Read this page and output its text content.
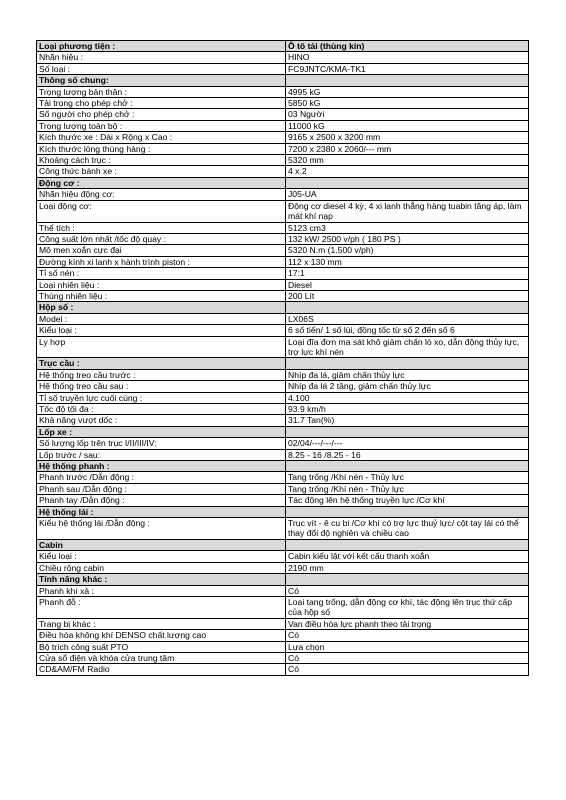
Loại phương tiện :	Ô tô tải (thùng kín)
Nhãn hiệu :	HINO
Số loại :	FC9JNTC/KMA-TK1
Thông số chung:	
Trọng lượng bản thân :	4995 kG
Tải trọng cho phép chở :	5850 kG
Số người cho phép chở :	03 Người
Trọng lượng toàn bộ :	11000 kG
Kích thước xe : Dài x Rộng x Cao :	9165 x 2500 x 3200 mm
Kích thước lòng thùng hàng :	7200 x 2380 x 2060/--- mm
Khoảng cách trục :	5320 mm
Công thức bánh xe :	4 x 2
Động cơ :	
Nhãn hiệu động cơ:	J05-UA
Loại động cơ:	Động cơ diesel 4 kỳ, 4 xi lanh thẳng hàng tuabin tăng áp, làm mát khí nạp
Thể tích :	5123 cm3
Công suất lớn nhất /tốc độ quay :	132 kW/ 2500 v/ph ( 180 PS )
Mô men xoắn cực đại	5320 N.m (1.500 v/ph)
Đường kính xi lanh x hành trình piston :	112 x 130 mm
Tỉ số nén :	17:1
Loại nhiên liệu :	Diesel
Thùng nhiên liệu :	200 Lít
Hộp số :	
Model :	LX06S
Kiểu loại :	6 số tiến/ 1 số lùi, đồng tốc từ số 2 đến số 6
Ly hợp	Loại đĩa đơn ma sát khô giảm chấn lò xo, dẫn động thủy lực, trợ lực khí nén
Trục cầu :	
Hệ thống treo cầu trước :	Nhíp đa lá, giảm chấn thủy lực
Hệ thống treo cầu sau :	Nhíp đa lá 2 tầng, giảm chấn thủy lực
Tỉ số truyền lực cuối cùng :	4.100
Tốc độ tối đa :	93.9 km/h
Khả năng vượt dốc :	31.7 Tan(%)
Lốp xe :	
Số lượng lốp trên trục I/II/III/IV:	02/04/---/---/---
Lốp trước / sau:	8.25 - 16 /8.25 - 16
Hệ thống phanh :	
Phanh trước /Dẫn động :	Tang trống /Khí nén - Thủy lực
Phanh sau /Dẫn động :	Tang trống /Khí nén - Thủy lực
Phanh tay /Dẫn động :	Tác động lên hệ thống truyền lực /Cơ khí
Hệ thống lái :	
Kiểu hệ thống lái /Dẫn động :	Trục vít - ê cu bi /Cơ khí có trợ lực thuỷ lực/ cột tay lái có thể thay đổi độ nghiên và chiều cao
Cabin	
Kiểu loại :	Cabin kiểu lật với kết cấu thanh xoắn
Chiều rộng cabin	2190 mm
Tính năng khác :	
Phanh khí xả :	Có
Phanh đỗ :	Loại tang trống, dẫn động cơ khí, tác động lên trục thứ cấp của hộp số
Trang bị khác :	Van điều hòa lực phanh theo tải trọng
Điều hòa không khí DENSO chất lượng cao	Có
Bộ trích công suất PTO	Lựa chọn
Cửa sổ điện và khóa cửa trung tâm	Có
CD&AM/FM Radio	Có
